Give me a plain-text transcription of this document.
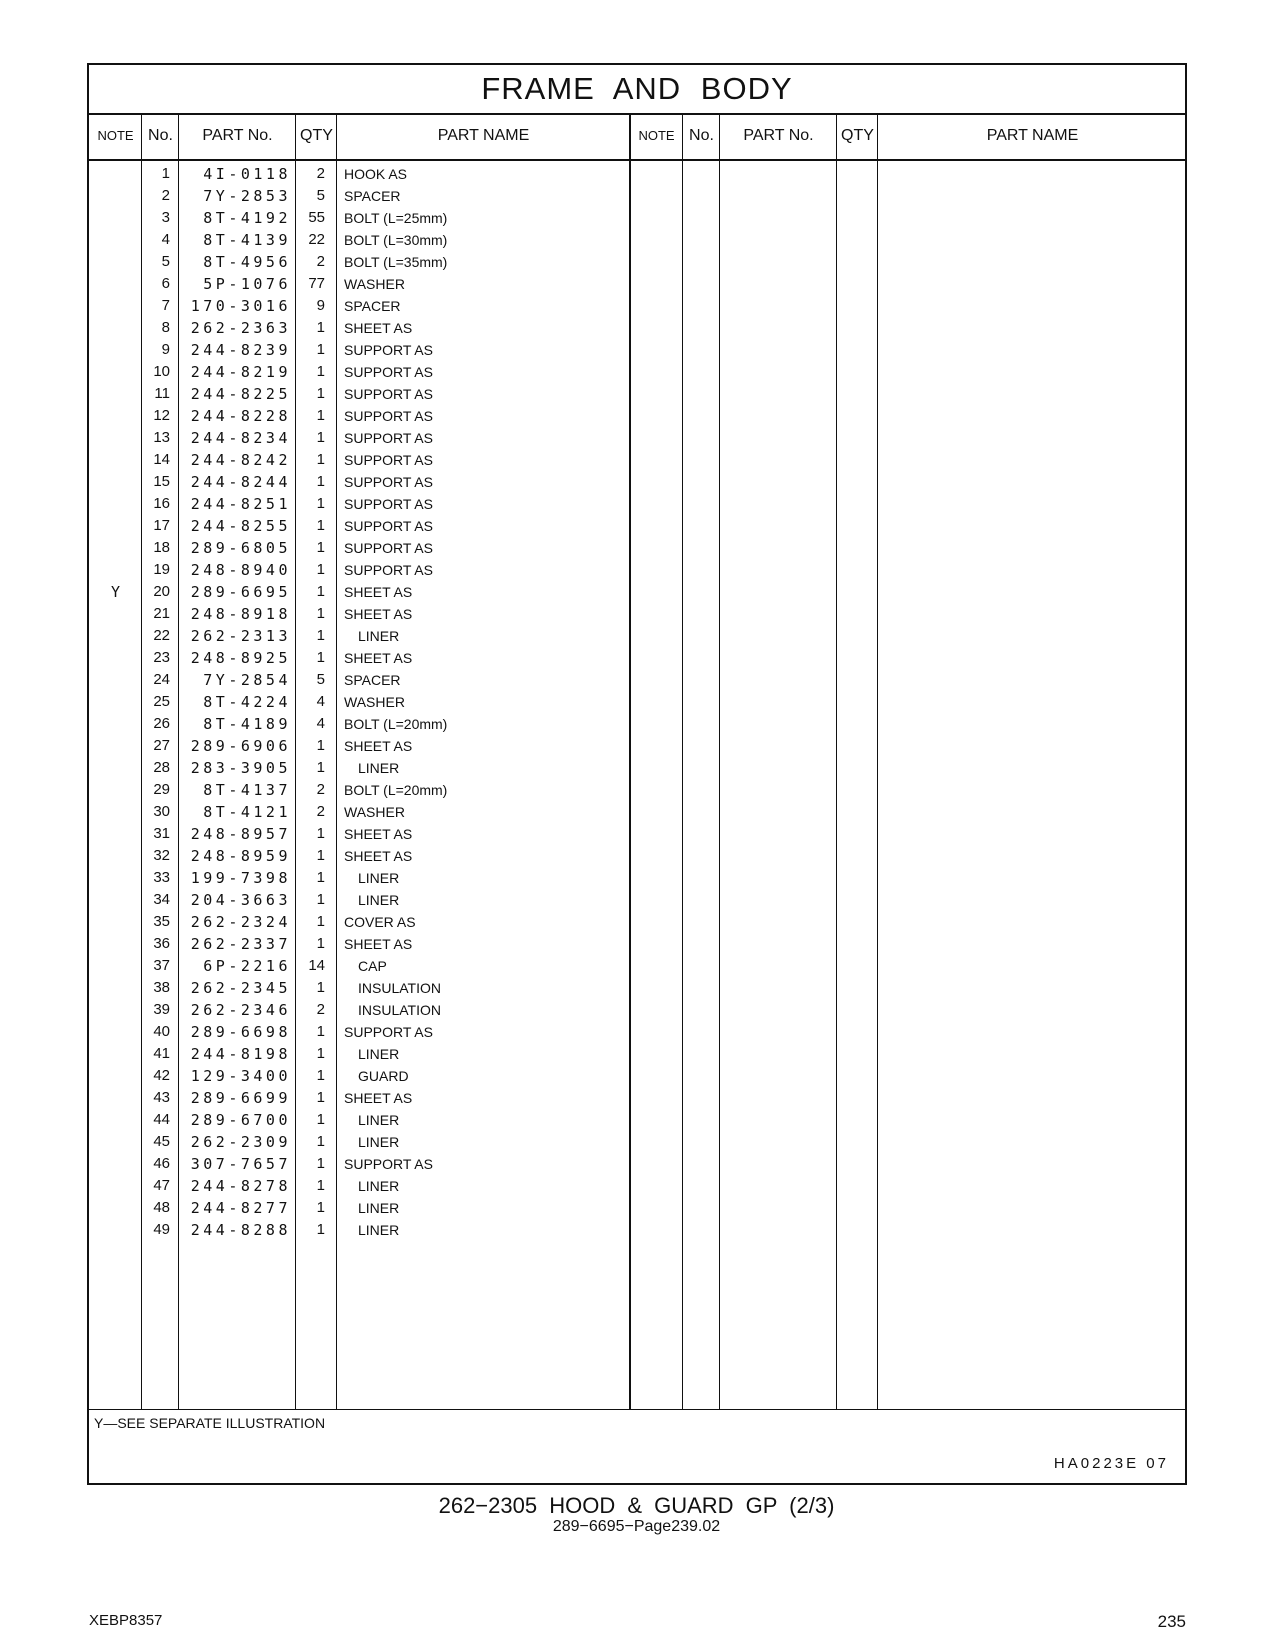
FRAME AND BODY
NOTE No.	PART No.	QTY	PART NAME	NOTE No.	PART No.	QTY	PART NAME
1	4I-0118	2 HOOK AS
2	7Y-2853	5 SPACER
3	8T-4192	55 BOLT (L=25mm)
4	8T-4139	22 BOLT (L=30mm)
5	8T-4956	2 BOLT (L=35mm)
6	5P-1076	77 WASHER
7	170-3016	9 SPACER
8	262-2363	1 SHEET AS
9	244-8239	1 SUPPORT AS
10	244-8219	1 SUPPORT AS
11	244-8225	1 SUPPORT AS
12	244-8228	1 SUPPORT AS
13	244-8234	1 SUPPORT AS
14	244-8242	1 SUPPORT AS
15	244-8244	1 SUPPORT AS
16	244-8251	1 SUPPORT AS
17	244-8255	1 SUPPORT AS
18	289-6805	1 SUPPORT AS
19	248-8940	1 SUPPORT AS
Y	20	289-6695	1 SHEET AS
21	248-8918	1 SHEET AS
22	262-2313	1 LINER
23	248-8925	1 SHEET AS
24	7Y-2854	5 SPACER
25	8T-4224	4 WASHER
26	8T-4189	4 BOLT (L=20mm)
27	289-6906	1 SHEET AS
28	283-3905	1 LINER
29	8T-4137	2 BOLT (L=20mm)
30	8T-4121	2 WASHER
31	248-8957	1 SHEET AS
32	248-8959	1 SHEET AS
33	199-7398	1 LINER
34	204-3663	1 LINER
35	262-2324	1 COVER AS
36	262-2337	1 SHEET AS
37	6P-2216	14 CAP
38	262-2345	1 INSULATION
39	262-2346	2 INSULATION
40	289-6698	1 SUPPORT AS
41	244-8198	1 LINER
42	129-3400	1 GUARD
43	289-6699	1 SHEET AS
44	289-6700	1 LINER
45	262-2309	1 LINER
46	307-7657	1 SUPPORT AS
47	244-8278	1 LINER
48	244-8277	1 LINER
49	244-8288	1 LINER
Y—SEE SEPARATE ILLUSTRATION
HA0223E 07
262−2305 HOOD & GUARD GP (2/3)
289−6695−Page239.02
XEBP8357	235
